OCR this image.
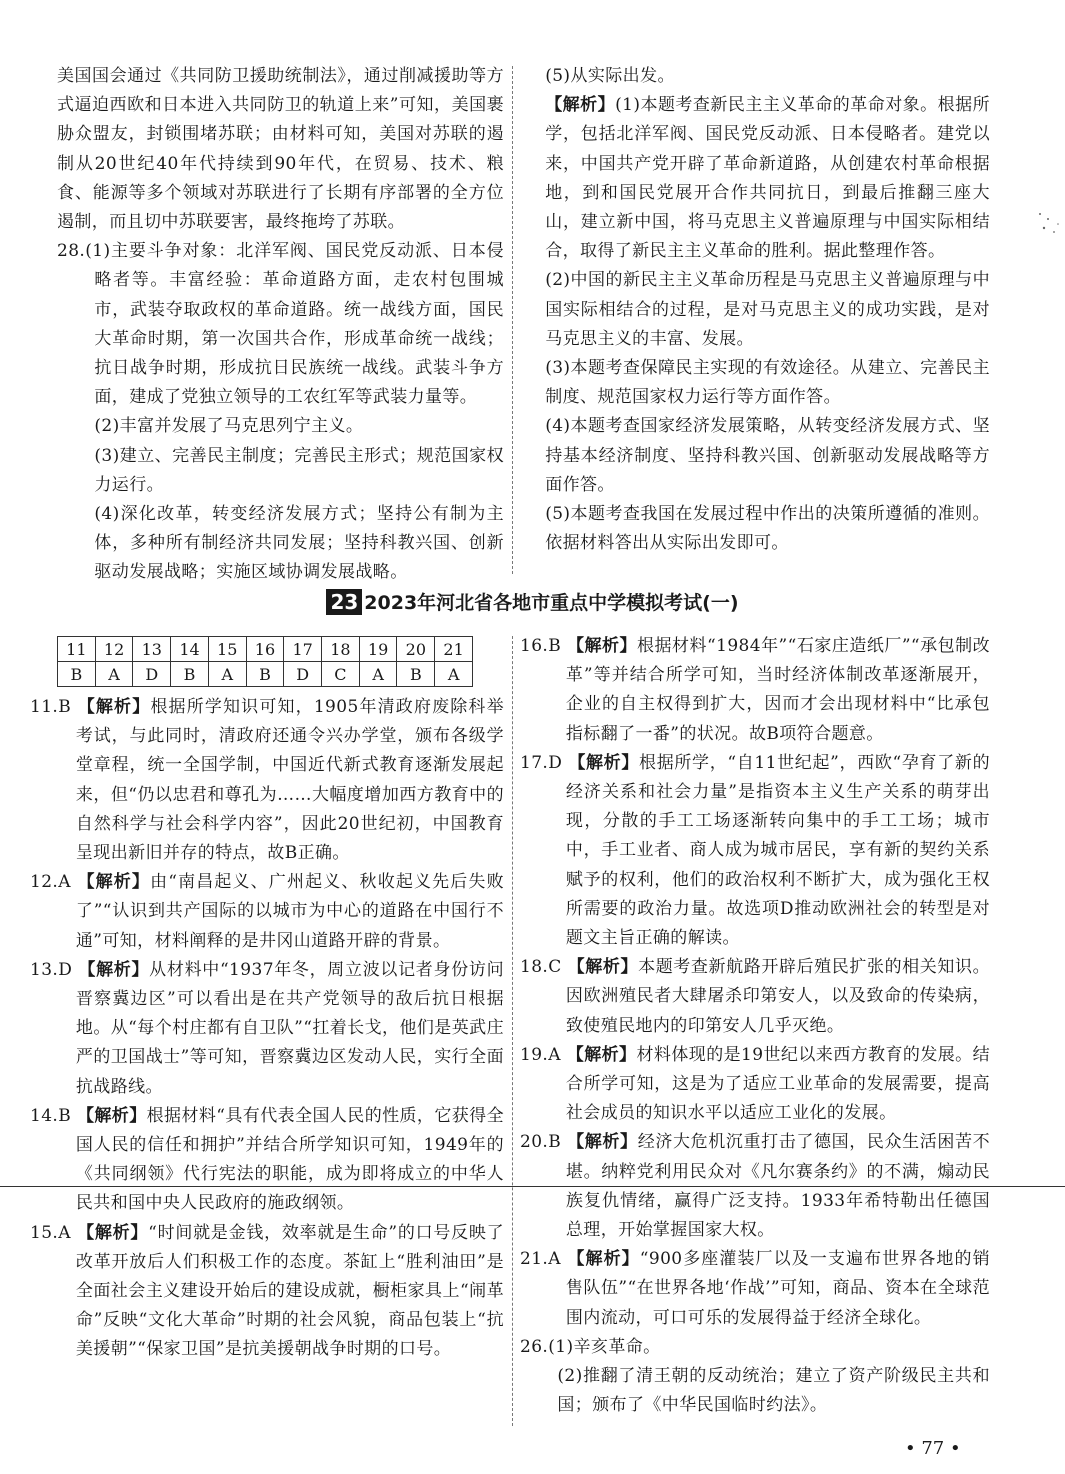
美国国会通过《共同防卫援助统制法》，通过削减援助等方式逼迫西欧和日本进入共同防卫的轨道上来”可知，美国裹胁众盟友，封锁围堵苏联；由材料可知，美国对苏联的遏制从20世纪40年代持续到90年代，在贸易、技术、粮食、能源等多个领域对苏联进行了长期有序部署的全方位遏制，而且切中苏联要害，最终拖垮了苏联。

28.(1)主要斗争对象：北洋军阀、国民党反动派、日本侵略者等。丰富经验：革命道路方面，走农村包围城市，武装夺取政权的革命道路。统一战线方面，国民大革命时期，第一次国共合作，形成革命统一战线；抗日战争时期，形成抗日民族统一战线。武装斗争方面，建成了党独立领导的工农红军等武装力量等。

(2)丰富并发展了马克思列宁主义。

(3)建立、完善民主制度；完善民主形式；规范国家权力运行。

(4)深化改革，转变经济发展方式；坚持公有制为主体，多种所有制经济共同发展；坚持科教兴国、创新驱动发展战略；实施区域协调发展战略。

(5)从实际出发。

【解析】(1)本题考查新民主主义革命的革命对象。根据所学，包括北洋军阀、国民党反动派、日本侵略者。建党以来，中国共产党开辟了革命新道路，从创建农村革命根据地，到和国民党展开合作共同抗日，到最后推翻三座大山，建立新中国，将马克思主义普遍原理与中国实际相结合，取得了新民主主义革命的胜利。据此整理作答。

(2)中国的新民主主义革命历程是马克思主义普遍原理与中国实际相结合的过程，是对马克思主义的成功实践，是对马克思主义的丰富、发展。

(3)本题考查保障民主实现的有效途径。从建立、完善民主制度、规范国家权力运行等方面作答。

(4)本题考查国家经济发展策略，从转变经济发展方式、坚持基本经济制度、坚持科教兴国、创新驱动发展战略等方面作答。

(5)本题考查我国在发展过程中作出的决策所遵循的准则。依据材料答出从实际出发即可。

23 2023年河北省各地市重点中学模拟考试(一)
11	12	13	14	15	16	17	18	19	20	21
B	A	D	B	A	B	D	C	A	B	A

11.B 【解析】根据所学知识可知，1905年清政府废除科举考试，与此同时，清政府还通令兴办学堂，颁布各级学堂章程，统一全国学制，中国近代新式教育逐渐发展起来，但“仍以忠君和尊孔为……大幅度增加西方教育中的自然科学与社会科学内容”，因此20世纪初，中国教育呈现出新旧并存的特点，故B正确。

12.A 【解析】由“南昌起义、广州起义、秋收起义先后失败了”“认识到共产国际的以城市为中心的道路在中国行不通”可知，材料阐释的是井冈山道路开辟的背景。

13.D 【解析】从材料中“1937年冬，周立波以记者身份访问晋察冀边区”可以看出是在共产党领导的敌后抗日根据地。从“每个村庄都有自卫队”“扛着长戈，他们是英武庄严的卫国战士”等可知，晋察冀边区发动人民，实行全面抗战路线。

14.B 【解析】根据材料“具有代表全国人民的性质，它获得全国人民的信任和拥护”并结合所学知识可知，1949年的《共同纲领》代行宪法的职能，成为即将成立的中华人民共和国中央人民政府的施政纲领。

15.A 【解析】“时间就是金钱，效率就是生命”的口号反映了改革开放后人们积极工作的态度。茶缸上“胜利油田”是全面社会主义建设开始后的建设成就，橱柜家具上“闹革命”反映“文化大革命”时期的社会风貌，商品包装上“抗美援朝”“保家卫国”是抗美援朝战争时期的口号。

16.B 【解析】根据材料“1984年”“石家庄造纸厂”“承包制改革”等并结合所学可知，当时经济体制改革逐渐展开，企业的自主权得到扩大，因而才会出现材料中“比承包指标翻了一番”的状况。故B项符合题意。

17.D 【解析】根据所学，“自11世纪起”，西欧“孕育了新的经济关系和社会力量”是指资本主义生产关系的萌芽出现，分散的手工工场逐渐转向集中的手工工场；城市中，手工业者、商人成为城市居民，享有新的契约关系赋予的权利，他们的政治权利不断扩大，成为强化王权所需要的政治力量。故选项D推动欧洲社会的转型是对题文主旨正确的解读。

18.C 【解析】本题考查新航路开辟后殖民扩张的相关知识。因欧洲殖民者大肆屠杀印第安人，以及致命的传染病，致使殖民地内的印第安人几乎灭绝。

19.A 【解析】材料体现的是19世纪以来西方教育的发展。结合所学可知，这是为了适应工业革命的发展需要，提高社会成员的知识水平以适应工业化的发展。

20.B 【解析】经济大危机沉重打击了德国，民众生活困苦不堪。纳粹党利用民众对《凡尔赛条约》的不满，煽动民族复仇情绪，赢得广泛支持。1933年希特勒出任德国总理，开始掌握国家大权。

21.A 【解析】“900多座灌装厂以及一支遍布世界各地的销售队伍”“在世界各地‘作战’”可知，商品、资本在全球范围内流动，可口可乐的发展得益于经济全球化。

26.(1)辛亥革命。

(2)推翻了清王朝的反动统治；建立了资产阶级民主共和国；颁布了《中华民国临时约法》。

• 77 •
